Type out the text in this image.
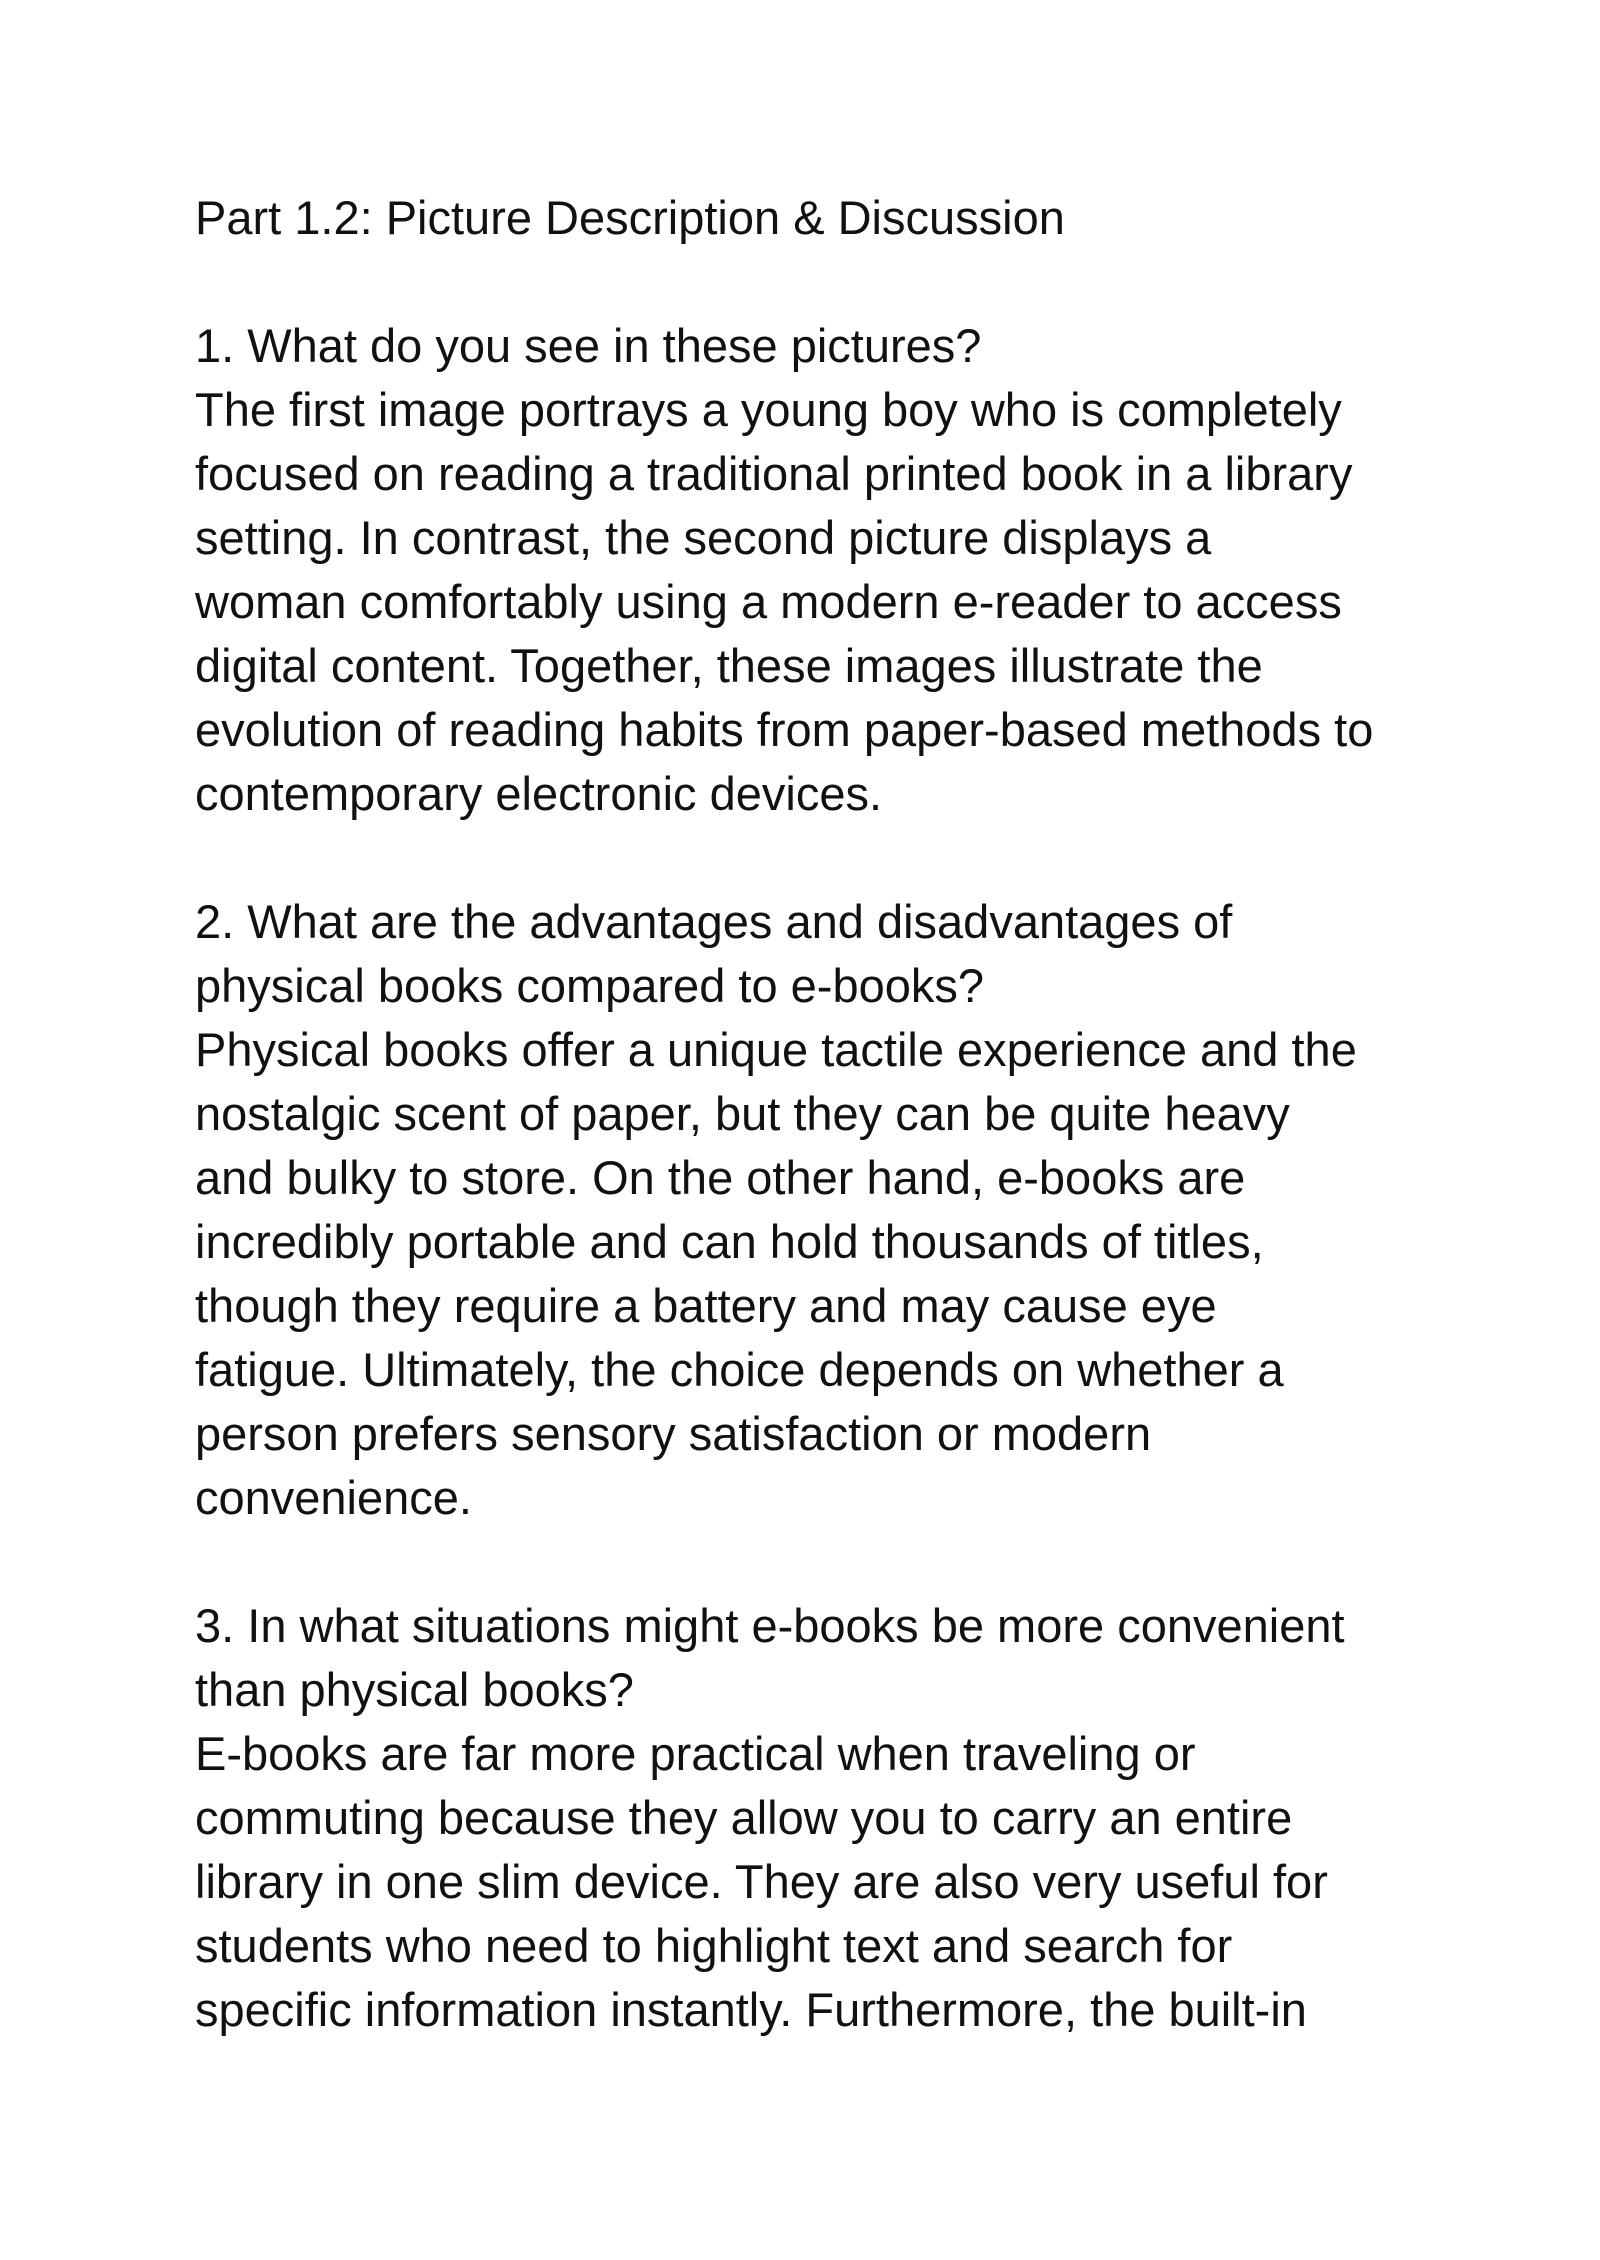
Part 1.2: Picture Description & Discussion
1. What do you see in these pictures?
The first image portrays a young boy who is completely
focused on reading a traditional printed book in a library
setting. In contrast, the second picture displays a
woman comfortably using a modern e-reader to access
digital content. Together, these images illustrate the
evolution of reading habits from paper-based methods to
contemporary electronic devices.
2. What are the advantages and disadvantages of
physical books compared to e-books?
Physical books offer a unique tactile experience and the
nostalgic scent of paper, but they can be quite heavy
and bulky to store. On the other hand, e-books are
incredibly portable and can hold thousands of titles,
though they require a battery and may cause eye
fatigue. Ultimately, the choice depends on whether a
person prefers sensory satisfaction or modern
convenience.
3. In what situations might e-books be more convenient
than physical books?
E-books are far more practical when traveling or
commuting because they allow you to carry an entire
library in one slim device. They are also very useful for
students who need to highlight text and search for
specific information instantly. Furthermore, the built-in
